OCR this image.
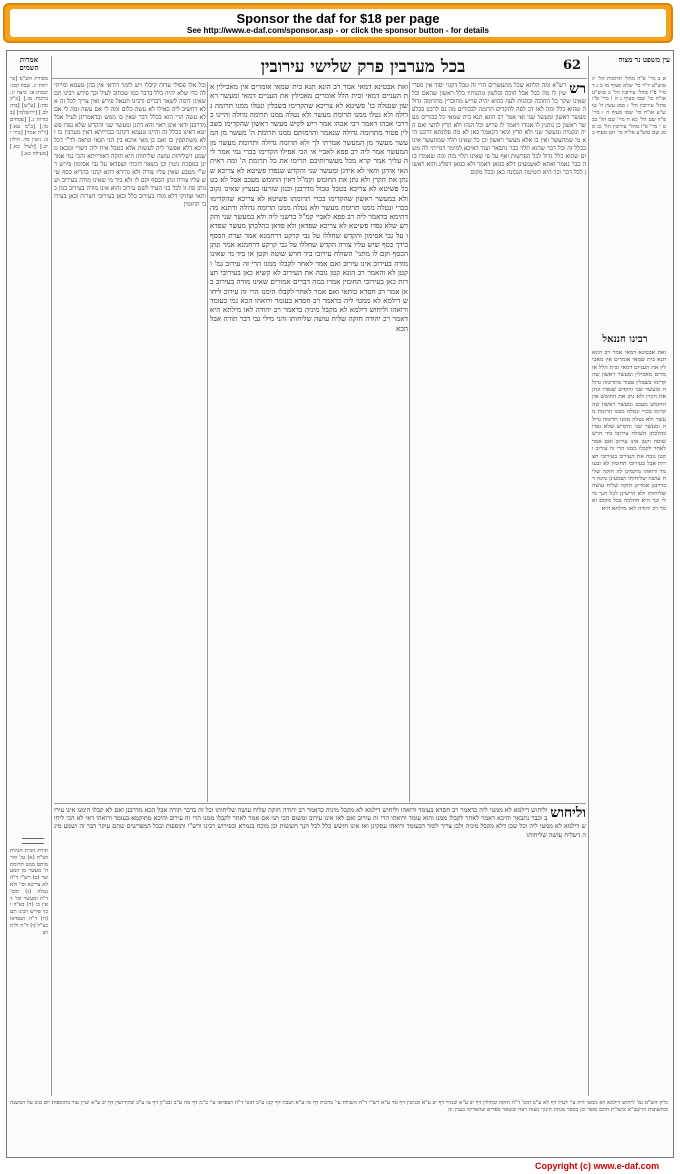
Sponsor the daf for $18 per page
See http://www.e-daf.com/sponsor.asp - or click the sponsor button - for details
62
בכל מערבין פרק שלישי עירובין
אמרות השמים
עין משפט נר מצוה
רש
רש"א ומה הלתא שכל מתעשרים הרי זה טבל דקנוי יסוד אין מפרישין לו מה ככל אבל חוכה ובלשון מתנותיו כלל ראשון שהאם וכל שאינו שקר כל החוכה ובהגות לעה כהוא יהיה פריש מחוברין מתרומה גדולה שהוא כלל ומה לאו דכ לפה להקדים תרומה לבכורים מה גם לרבנן בבלע מעשר ראשון ומעשר שני ואי אמר רב הונא תנא בית שמאי כל בכורים מעשר ראשון כן נותנין לו אגודו ויאמר לו פריש וכל הנהו ולא חרץ לחצי ואם היה ונקטיה ומעשר שני ולא חרץ ומאי דקאמר כאן לא מה פלוגתא דרבנן היא מי שמתעשר ואין בו אלא מעשר ראשון וכן כל שאינו תלוי שמתעשר אינו בכלל זה וכל דבר שהוא תלוי כבר נתבאר ועוד דאיכא למימר דמייתי לה משום שהוא כלל גדול לכל הפרשות ואף על פי שאינו תלוי בזה ומה שאמרו בזה כבר נאמר ואתא לאשמעינן דלא כמאן דאמר ולא כמאן דפליג והוא ראשון לכל דבר וכך היא השיטה הנכונה כאן ובכל מקום
ואת אבטינא דמאי אמר רב הונא תנא בית שמאי אומרים אין מאכילין את העניים דמאי ובית הלל אומרים מאכילין את העניים דמאי ומעשר ראשון שנטלה כו' פשיטא לא צריכא שהקדימו בשבלין ונטלו ממנו תרומה גדולה ולא נטלו ממנו תרומת מעשר ולא נטלה ממנו תרומה גדולה והיינו כדרבי אבהו דאמר רבי אבהו אמר ריש לקיש מעשר ראשון שהקדימו בשבלין פטור מתרומה גדולה שנאמר והרמותם ממנו תרומת ה' מעשר מן המעשר מעשר מן המעשר אמרתי לך ולא תרומה גדולה ותרומת מעשר מן המעשר אמר ליה רב פפא לאביי אי הכי אפילו הקדימו בכרי נמי אמר ליה עליך אמר קרא מכל מעשרותיכם תרימו את כל תרומת ה' ומה ראית האי אידגן והאי לא אידגן ומעשר שני והקדש שנפדו פשיטא לא צריכא שנתן את הקרן ולא נתן את החומש וקמ"ל דאין החומש מעכב אבל לא בטבל פשיטא לא צריכא בטבל טבול מדרבנן וכגון שזרעו בעציץ שאינו נקוב ולא במעשר ראשון שהקדימו בכרי תרומתו פשיטא לא צריכא שהקדימו בכרי ונטלה ממנו תרומת מעשר ולא נטלה ממנו תרומה גדולה ודתנא מה דתימא כדאמר ליה רב פפא לאביי קמ"ל כדשני ליה ולא במעשר שני והקדש שלא נפדו פשיטא לא צריכא שפדאן ולא פדאן כהלכתן מעשר שפדאו על גבי אסימון והקדש שחללו על גבי קרקע דרחמנא אמר וצרת הכסף בידך כסף שיש עליו צורה הקדש שחללו על גבי קרקע דרחמנא אמר ונתן הכסף וקם לו מתני' השולח עירובו ביד חרש שוטה וקטן או ביד מי שאינו מודה בעירוב אינו עירוב ואם אמר לאחר לקבלו ממנו הרי זה עירוב גמ' וקטן לא והאמר רב הונא קטן גובה את העירוב לא קשיא כאן בעירובי חצרות כאן בעירובי תחומין אמרו במה דברים אמורים שאינו מודה בעירוב כאן אמר רב חסדא כותאי ואם אמר לאחר לקבלו הימנו הרי זה עירוב ליחוש דילמא לא ממטי ליה כדאמר רב חסדא בעומד ורואהו הכא נמי בעומד ורואהו וליחוש דילמא לא מקבל מיניה כדאמר רב יהודה לאו מילתא היא דאמר רב יהודה חזקה שליח עושה שליחותו והני מילי גבי דבר תורה אבל הכא
וכל אלו פסולי עדות קיבלו ויש לומר דודאי אין בהן טעמא ומייתי לה כדי שלא יהיה כלל בדבר כמו שכתוב לעיל וכך פירש רבינו תם שאינו דומה לשאר דברים ורבינו חננאל פירש ואין צריך לכל זה אלא דחשיב ליה כאילו לא עשה כלום ומה לי אם עשה ומה לי אם לא עשה הרי הוא בכלל דבר שאין בו ממש וכדאמרינן לעיל אבל מדרבנן ודאי אינו ראוי והא דתנן ומעשר שני והקדש שלא נפדו פשיטא דאינו בכלל זה והיינו טעמא דקתני בברייתא דאין מערבין בו ולא משתתפין בו ואם כן מאי איכא בין הני תנאי ונראה לר"י דכל היכא דלא אפשר ליה לעשות אלא בטבל אית ליה דשרי ומכאן משמע דשליחות עושה שליחותו היא חזקה דאורייתא והכי נמי אמרינן במסכת גיטין וכן בשאר דוכתי ושפדאו על גבי אסימון פירש רש"י מטבע שאין עליו צורה ולא נהירא דהא קתני בהדיא כסף שיש עליו צורה ונתן הכסף וקם לו ולא ביד מי שאינו מודה בעירוב ושנותן פת זו לכל בני העיר לשם עירוב והוא אינו מודה בעירוב כגון כותאי וצדוקי דלא מודו בעירוב כלל וכאן בעירובי חצרות וכאן בעירובי תחומין
וליחוש
וליחוש דילמא לא ממטי ליה כדאמר רב חסדא בעומד ורואהו וליחוש דילמא לא מקבל מיניה כדאמר רב יהודה חזקה שליח עושה שליחותו וכל זה בדבר תורה אבל הכא מדרבנן ואם לא קבלו הימנו אינו עירוב וכבר נתבאר והיכא דאמר לאחר לקבלו ממנו והוא עומד ורואהו הרי זה עירוב ואם לאו אינו עירוב ומשום הכי תני אם אמר לאחר לקבלו ממנו הרי זה עירוב והיכא מתוקמא בעומד ורואהו דאי לא הכי ליחוש דילמא לא ממטי ליה וכל שכן דלא מקבל מיניה ולכן צריך לומר דבעומד ורואהו עסקינן ואז אינו חושש כלל לכל הנך חששות וכן מוכח בגמרא ובפירוש רבינו ורש"י ותוספות ובכל המפרשים שהם עיקר דבר זה ושמע מינה דשליח עושה שליחותו
א ב מיי' פ"ה מהל' תרומות הל' יג טוש"ע יו"ד סי' שלא סעיף מו ב ג ד מיי' פ"ו מהל' עירובין הל' כ טוש"ע או"ח סי' שסו סעיף ג ה ו מיי' פ"ז מהל' עירובין הל' ז סמג עשין ה' טוש"ע או"ח סי' שסו סעיף ה ז מיי' פ"ה שם הל' כא ח מיי' שם הל' כב ט י מיי' פ"ו מהל' עירובין הל' כג סמג שם טוש"ע או"ח סי' תט סעיף ב
רבינו חננאל
ואת אבטינא דמאי אמר רב הונא תנא בית שמאי אומרים אין מאכילין את העניים דמאי ובית הלל אומרים מאכילין ומעשר ראשון שהקדימו בשבלין פטור מתרומה גדולה ומעשר שני והקדש שנפדו ונתן את הקרן ולא נתן את החומש אין החומש מעכב ומעשר ראשון שהקדימו בכרי ונטלה ממנו תרומת מעשר ולא נטלה ממנו תרומה גדולה ומעשר שני והקדש שלא נפדו כהלכתן השולח עירובו ביד חרש שוטה וקטן אינו עירוב ואם אמר לאחר לקבלו ממנו הרי זה עירוב וקטן גובה את העירוב בעירובי חצרות אבל בעירובי תחומין לא ובעומד ורואהו מוקמינן לה חזקה שליח עושה שליחותו ושמעינן מינה דבדרבנן אמרינן חזקה שליח עושה שליחותו ולא חיישינן לכל הנך מילי וכך היא ההלכה בכל מקום ואמר רב יהודה לאו מילתא היא
מסורת הש"ס [כריתות יג. שבת קכז: יבמות פו. ביצה יג. ברכות מז.] [ב"ק סח:] [ע"ש] [נדה לב.] [ירושלמי] [בכורות נ.] [פסחים מו.] [ב"מ עא:] [ד"ה אמר] [נזיר יב: גיטין סד. חולין יב.] [לעיל כא.] [מעילה כא.]
תורת הבית הגהות הב"ח (א) גמ' והרמותם ממנו תרומת ה' מעשר מן המעשר (ב) רש"י ד"ה לא צריכא וכו' ולא נטלה (ג) תוס' ד"ה ומעשר וכו' דאין בו (ד) בא"ד וכך פירש רבינו תם (ה) ד"ה ושפדאו כצ"ל (ו) ד"ה וליחוש
גליון הש"ס גמ' ליחוש דילמא לא ממטי ליה עי' לעיל דף לא ע"ב תוס' ד"ה חזקה ובחולין דף יב ע"א ובנזיר דף יב ע"א ובגיטין דף סד ע"א רש"י ד"ה השולח עי' ברכות דף מז ע"א ושבת דף קכז ע"ב תוס' ד"ה ושפדאו עי' ב"מ דף מה ע"ב ובב"ק דף צז ע"ב ובקידושין דף יב ע"א ועיין עוד בתוספות יום טוב על המשנה ובתשובות הרשב"א ובשו"ת חתם סופר וכן בספר מנחת חינוך מצוה רפח ובשאר ספרים שהאריכו בענין זה
Copyright (c) www.e-daf.com
